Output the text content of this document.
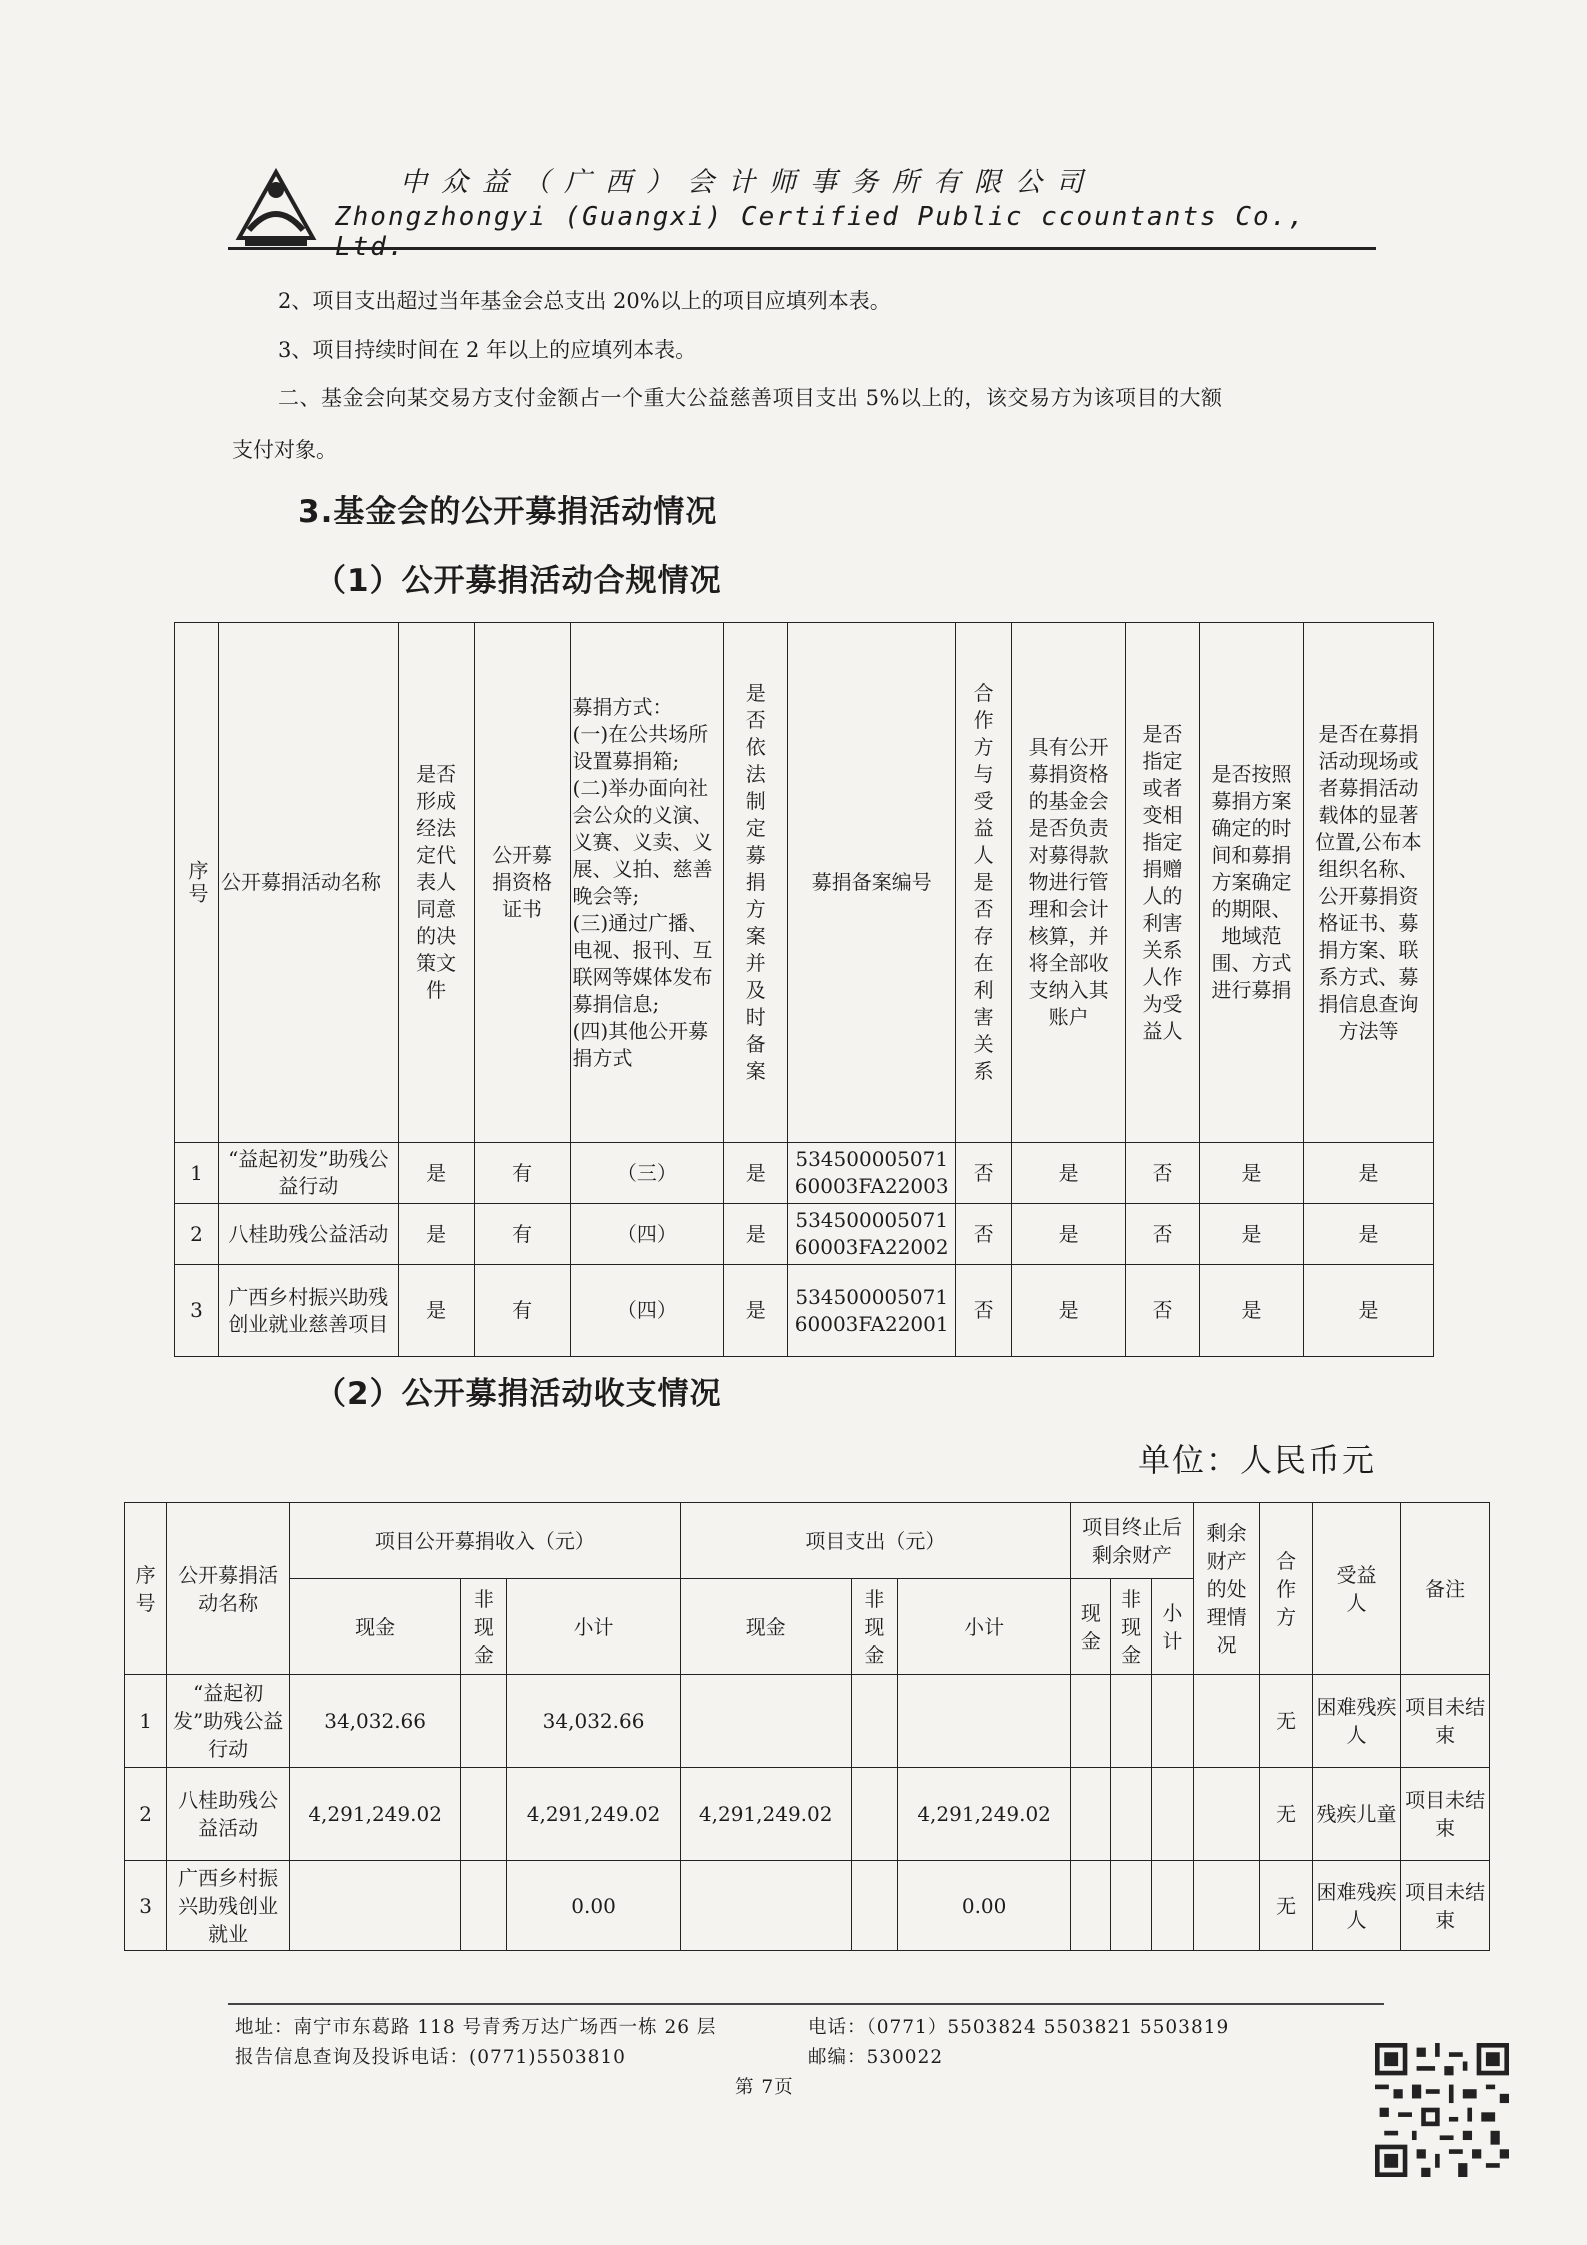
中众益（广西）会计师事务所有限公司
Zhongzhongyi (Guangxi) Certified Public ccountants Co., Ltd.
2、项目支出超过当年基金会总支出 20%以上的项目应填列本表。
3、项目持续时间在 2 年以上的应填列本表。
二、基金会向某交易方支付金额占一个重大公益慈善项目支出 5%以上的，该交易方为该项目的大额
支付对象。
3.基金会的公开募捐活动情况
（1）公开募捐活动合规情况
序号	公开募捐活动名称	是否形成经法定代表人同意的决策文件	公开募捐资格证书	募捐方式：
(一)在公共场所设置募捐箱;
(二)举办面向社会公众的义演、义赛、义卖、义展、义拍、慈善晚会等;
(三)通过广播、电视、报刊、互联网等媒体发布募捐信息;
(四)其他公开募捐方式	是否依法制定募捐方案并及时备案	募捐备案编号	合作方与受益人是否存在利害关系	具有公开募捐资格的基金会是否负责对募得款物进行管理和会计核算，并将全部收支纳入其账户	是否指定或者变相指定捐赠人的利害关系人作为受益人	是否按照募捐方案确定的时间和募捐方案确定的期限、地域范围、方式进行募捐	是否在募捐活动现场或者募捐活动载体的显著位置,公布本组织名称、公开募捐资格证书、募捐方案、联系方式、募捐信息查询方法等

1	“益起初发”助残公益行动	是	有	（三）	是	534500005071 60003FA22003	否	是	否	是	是
2	八桂助残公益活动	是	有	（四）	是	534500005071 60003FA22002	否	是	否	是	是
3	广西乡村振兴助残创业就业慈善项目	是	有	（四）	是	534500005071 60003FA22001	否	是	否	是	是
（2）公开募捐活动收支情况
单位：人民币元
序号	公开募捐活动名称	项目公开募捐收入（元）			项目支出（元）			项目终止后剩余财产			剩余财产的处理情况	合作方	受益人	备注
		现金	非现金	小计	现金	非现金	小计	现金	非现金	小计				

1	“益起初发”助残公益行动	34,032.66		34,032.66								无	困难残疾人	项目未结束
2	八桂助残公益活动	4,291,249.02		4,291,249.02	4,291,249.02		4,291,249.02					无	残疾儿童	项目未结束
3	广西乡村振兴助残创业就业			0.00			0.00					无	困难残疾人	项目未结束
地址：南宁市东葛路 118 号青秀万达广场西一栋 26 层	电话：（0771）5503824 5503821 5503819
报告信息查询及投诉电话：(0771)5503810	邮编：530022
第 7页
